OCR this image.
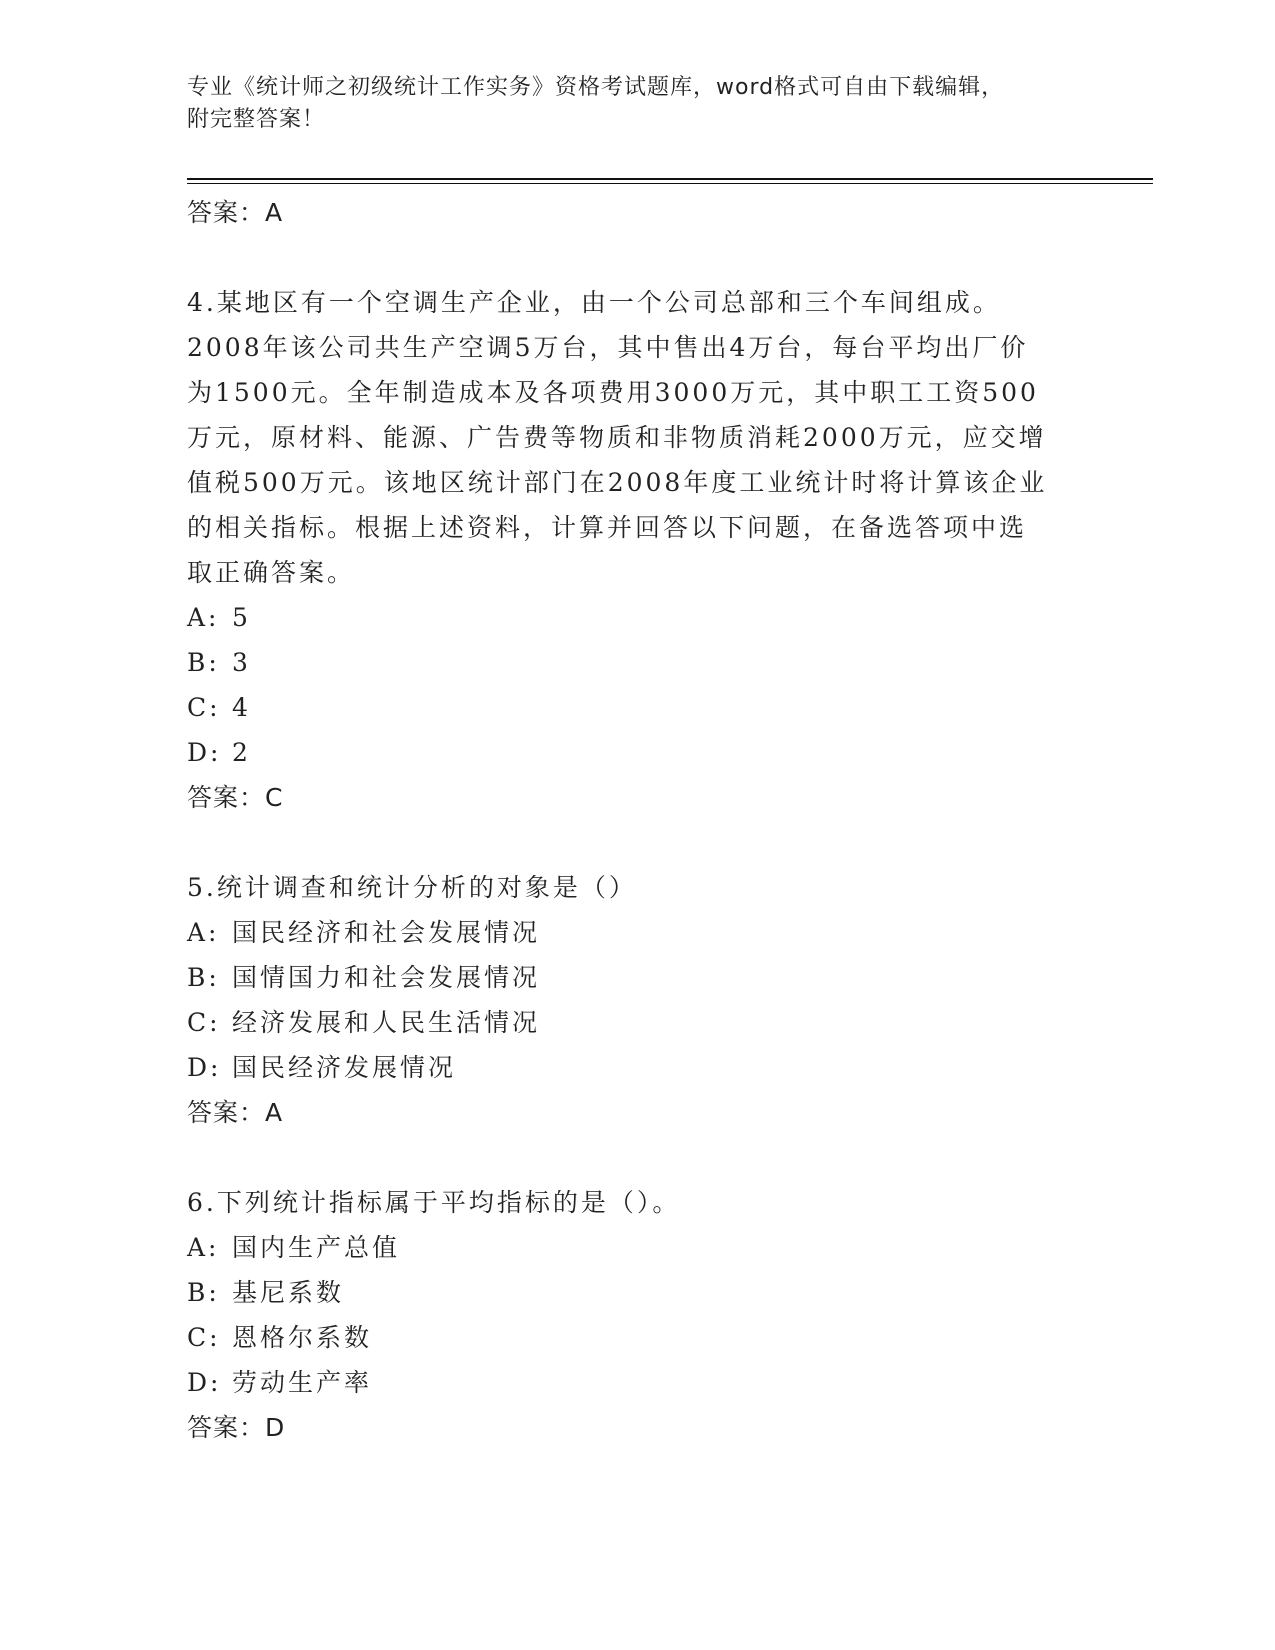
专业《统计师之初级统计工作实务》资格考试题库，word格式可自由下载编辑，
附完整答案！
答案：A
4.某地区有一个空调生产企业，由一个公司总部和三个车间组成。
2008年该公司共生产空调5万台，其中售出4万台，每台平均出厂价
为1500元。全年制造成本及各项费用3000万元，其中职工工资500
万元，原材料、能源、广告费等物质和非物质消耗2000万元，应交增
值税500万元。该地区统计部门在2008年度工业统计时将计算该企业
的相关指标。根据上述资料，计算并回答以下问题，在备选答项中选
取正确答案。
A: 5
B: 3
C: 4
D: 2
答案：C
5.统计调查和统计分析的对象是（）
A: 国民经济和社会发展情况
B: 国情国力和社会发展情况
C: 经济发展和人民生活情况
D: 国民经济发展情况
答案：A
6.下列统计指标属于平均指标的是（）。
A: 国内生产总值
B: 基尼系数
C: 恩格尔系数
D: 劳动生产率
答案：D
